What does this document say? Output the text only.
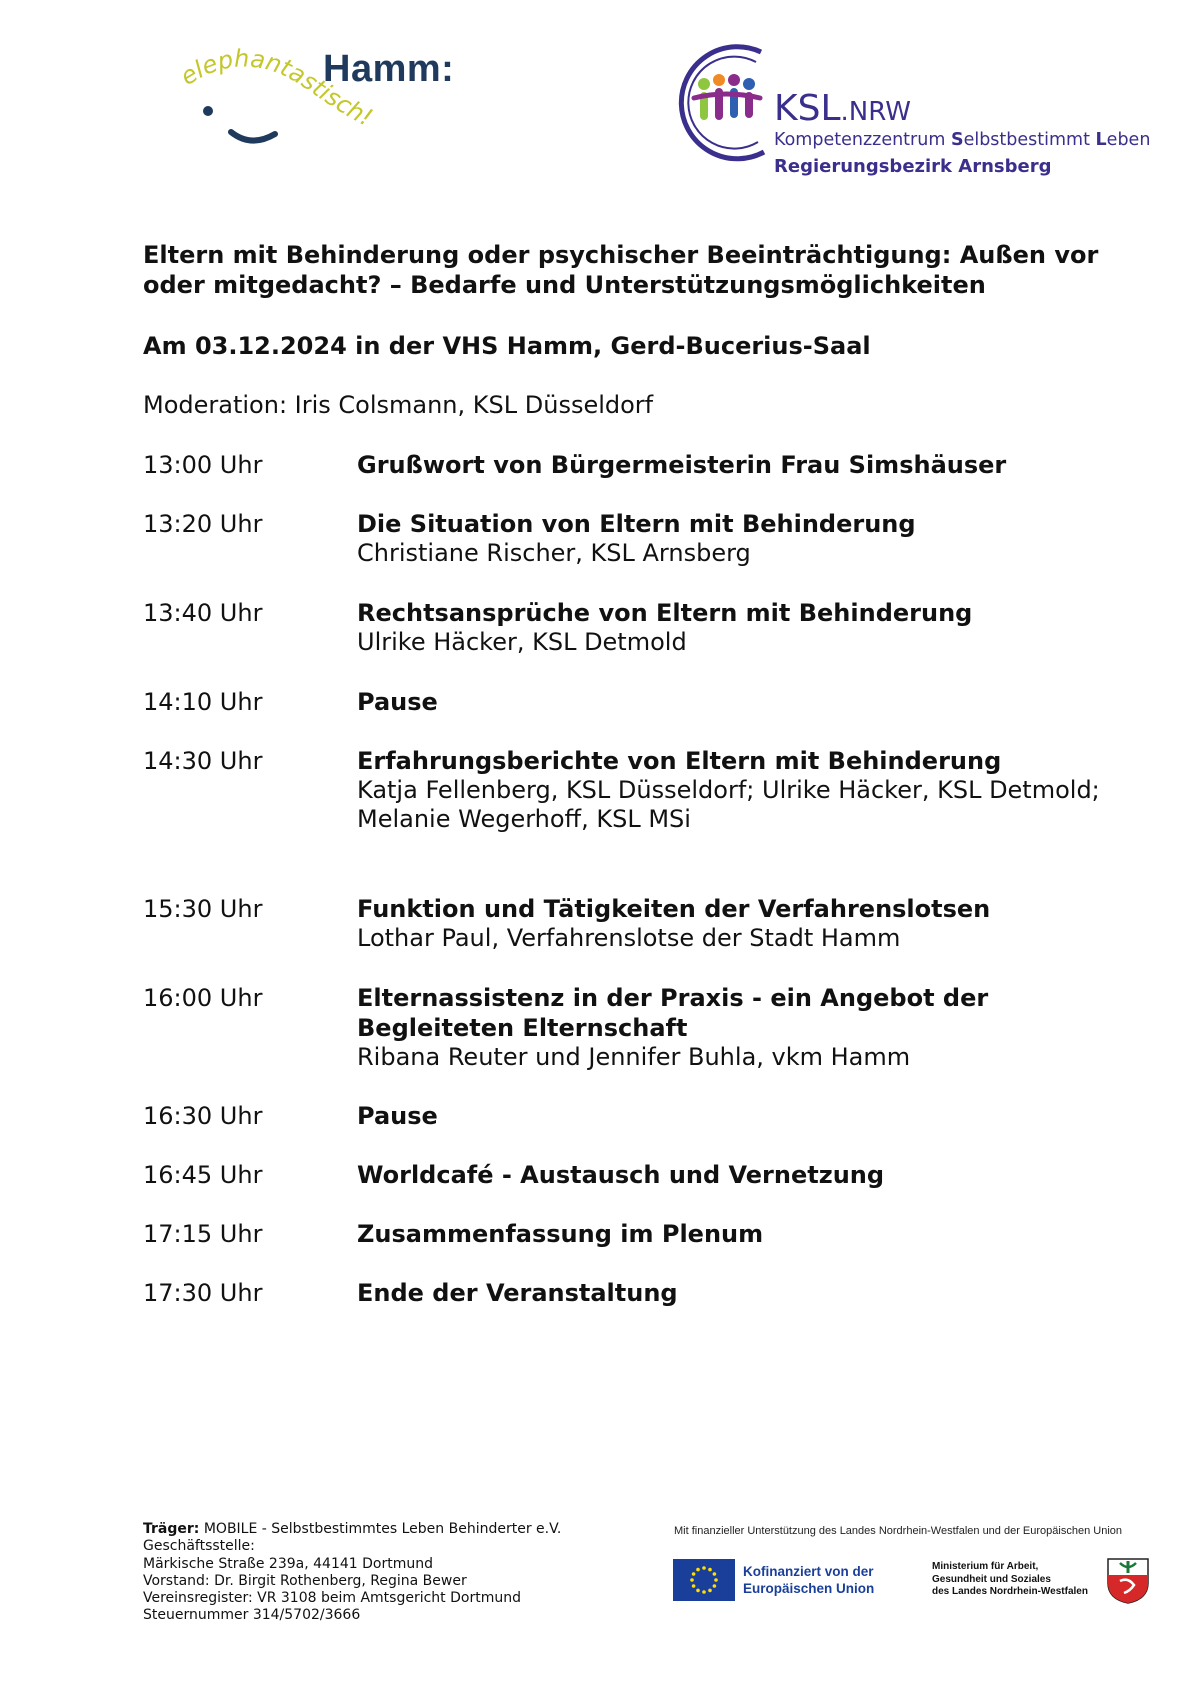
elephantastisch!
Hamm:
KSL.NRW
Kompetenzzentrum Selbstbestimmt Leben
Regierungsbezirk Arnsberg
Eltern mit Behinderung oder psychischer Beeinträchtigung: Außen vor
oder mitgedacht? – Bedarfe und Unterstützungsmöglichkeiten
Am 03.12.2024 in der VHS Hamm, Gerd-Bucerius-Saal
Moderation: Iris Colsmann, KSL Düsseldorf
13:00 Uhr	Grußwort von Bürgermeisterin Frau Simshäuser
13:20 Uhr	Die Situation von Eltern mit Behinderung
Christiane Rischer, KSL Arnsberg
13:40 Uhr	Rechtsansprüche von Eltern mit Behinderung
Ulrike Häcker, KSL Detmold
14:10 Uhr	Pause
14:30 Uhr	Erfahrungsberichte von Eltern mit Behinderung
Katja Fellenberg, KSL Düsseldorf; Ulrike Häcker, KSL Detmold;
Melanie Wegerhoff, KSL MSi
15:30 Uhr	Funktion und Tätigkeiten der Verfahrenslotsen
Lothar Paul, Verfahrenslotse der Stadt Hamm
16:00 Uhr	Elternassistenz in der Praxis - ein Angebot der
Begleiteten Elternschaft
Ribana Reuter und Jennifer Buhla, vkm Hamm
16:30 Uhr	Pause
16:45 Uhr	Worldcafé - Austausch und Vernetzung
17:15 Uhr	Zusammenfassung im Plenum
17:30 Uhr	Ende der Veranstaltung
Träger: MOBILE - Selbstbestimmtes Leben Behinderter e.V.
Geschäftsstelle:
Märkische Straße 239a, 44141 Dortmund
Vorstand: Dr. Birgit Rothenberg, Regina Bewer
Vereinsregister: VR 3108 beim Amtsgericht Dortmund
Steuernummer 314/5702/3666
Mit finanzieller Unterstützung des Landes Nordrhein-Westfalen und der Europäischen Union
Kofinanziert von der
Europäischen Union
Ministerium für Arbeit,
Gesundheit und Soziales
des Landes Nordrhein-Westfalen
